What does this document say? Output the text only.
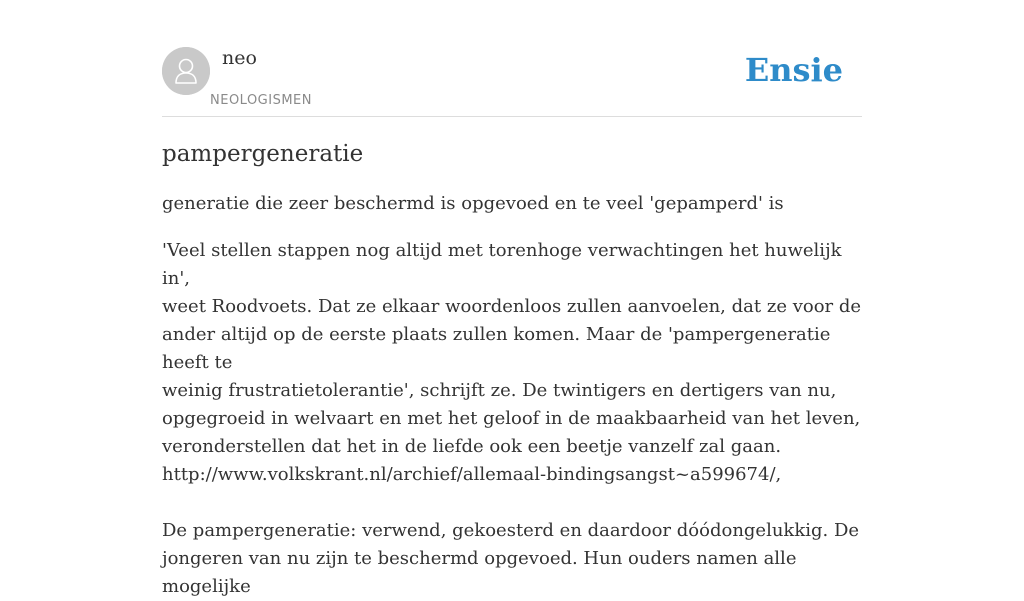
neo
NEOLOGISMEN
Ensie
pampergeneratie

generatie die zeer beschermd is opgevoed en te veel 'gepamperd' is

'Veel stellen stappen nog altijd met torenhoge verwachtingen het huwelijk in',
weet Roodvoets. Dat ze elkaar woordenloos zullen aanvoelen, dat ze voor de
ander altijd op de eerste plaats zullen komen. Maar de 'pampergeneratie heeft te
weinig frustratietolerantie', schrijft ze. De twintigers en dertigers van nu,
opgegroeid in welvaart en met het geloof in de maakbaarheid van het leven,
veronderstellen dat het in de liefde ook een beetje vanzelf zal gaan.
http://www.volkskrant.nl/archief/allemaal-bindingsangst~a599674/,
De pampergeneratie: verwend, gekoesterd en daardoor dóódongelukkig. De
jongeren van nu zijn te beschermd opgevoed. Hun ouders namen alle mogelijke
